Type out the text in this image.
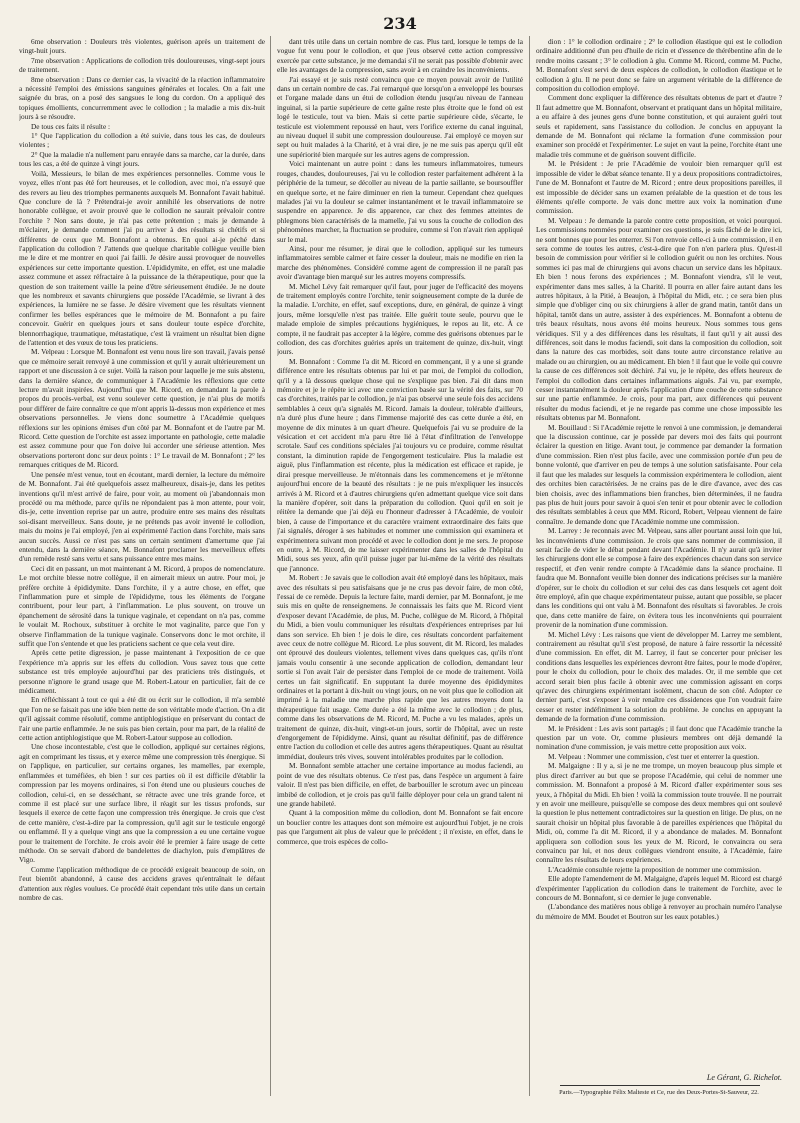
234

6me observation : Douleurs très violentes, guérison après un traitement de vingt-huit jours.

7me observation : Applications de collodion très douloureuses, vingt-sept jours de traitement.

8me observation : Dans ce dernier cas, la vivacité de la réaction inflammatoire a nécessité l'emploi des émissions sanguines générales et locales. On a fait une saignée du bras, on a posé des sangsues le long du cordon. On a appliqué des topiques émollients, concurremment avec le collodion ; la maladie a mis dix-huit jours à se résoudre.

De tous ces faits il résulte :

1° Que l'application du collodion a été suivie, dans tous les cas, de douleurs violentes ;

2° Que la maladie n'a nullement paru enrayée dans sa marche, car la durée, dans tous les cas, a été de quinze à vingt jours.

Voilà, Messieurs, le bilan de mes expériences personnelles. Comme vous le voyez, elles n'ont pas été fort heureuses, et le collodion, avec moi, n'a essuyé que des revers au lieu des triomphes permanents auxquels M. Bonnafont l'avait habitué. Que conclure de là ? Prétendrai-je avoir annihilé les observations de notre honorable collègue, et avoir prouvé que le collodion ne saurait prévaloir contre l'orchite ? Non sans doute, je n'ai pas cette prétention ; mais je demande à m'éclairer, je demande comment j'ai pu arriver à des résultats si chétifs et si différents de ceux que M. Bonnafont a obtenus. En quoi ai-je péché dans l'application du collodion ? J'attends que quelque charitable collègue veuille bien me le dire et me montrer en quoi j'ai failli. Je désire aussi provoquer de nouvelles expériences sur cette importante question. L'épididymite, en effet, est une maladie assez commune et assez réfractaire à la puissance de la thérapeutique, pour que la question de son traitement vaille la peine d'être sérieusement étudiée. Je ne doute que les nombreux et savants chirurgiens que possède l'Académie, se livrant à des expériences, la lumière ne se fasse. Je désire vivement que les résultats viennent confirmer les belles espérances que le mémoire de M. Bonnafont a pu faire concevoir. Guérir en quelques jours et sans douleur toute espèce d'orchite, blennorrhagique, traumatique, métastatique, c'est là vraiment un résultat bien digne de l'attention et des vœux de tous les praticiens.

M. Velpeau : Lorsque M. Bonnafont est venu nous lire son travail, j'avais pensé que ce mémoire serait renvoyé à une commission et qu'il y aurait ultérieurement un rapport et une discussion à ce sujet. Voilà la raison pour laquelle je me suis abstenu, dans la dernière séance, de communiquer à l'Académie les réflexions que cette lecture m'avait inspirées. Aujourd'hui que M. Ricord, en demandant la parole à propos du procès-verbal, est venu soulever cette question, je n'ai plus de motifs pour différer de faire connaître ce que m'ont appris là-dessus mon expérience et mes observations personnelles. Je viens donc soumettre à l'Académie quelques réflexions sur les opinions émises d'un côté par M. Bonnafont et de l'autre par M. Ricord. Cette question de l'orchite est assez importante en pathologie, cette maladie est assez commune pour que l'on doive lui accorder une sérieuse attention. Mes observations porteront donc sur deux points : 1° Le travail de M. Bonnafont ; 2° les remarques critiques de M. Ricord.

Une pensée m'est venue, tout en écoutant, mardi dernier, la lecture du mémoire de M. Bonnafont. J'ai été quelquefois assez malheureux, disais-je, dans les petites inventions qu'il m'est arrivé de faire, pour voir, au moment où j'abandonnais mon procédé ou ma méthode, parce qu'ils ne répondaient pas à mon attente, pour voir, dis-je, cette invention reprise par un autre, produire entre ses mains des résultats soi-disant merveilleux. Sans doute, je ne prétends pas avoir inventé le collodion, mais du moins je l'ai employé, j'en ai expérimenté l'action dans l'orchite, mais sans aucun succès. Aussi ce n'est pas sans un certain sentiment d'amertume que j'ai entendu, dans la dernière séance, M. Bonnafont proclamer les merveilleux effets d'un remède resté sans vertu et sans puissance entre mes mains.

Ceci dit en passant, un mot maintenant à M. Ricord, à propos de nomenclature. Le mot orchite blesse notre collègue, il en aimerait mieux un autre. Pour moi, je préfère orchite à épididymite. Dans l'orchite, il y a autre chose, en effet, que l'inflammation pure et simple de l'épididyme, tous les éléments de l'organe contribuent, pour leur part, à l'inflammation. Le plus souvent, on trouve un épanchement de sérosité dans la tunique vaginale, et cependant on n'a pas, comme le voulait M. Rochoux, substituer à orchite le mot vaginalite, parce que l'on y observe l'inflammation de la tunique vaginale. Conservons donc le mot orchite, il suffit que l'on s'entende et que les praticiens sachent ce que cela veut dire.

Après cette petite digression, je passe maintenant à l'exposition de ce que l'expérience m'a appris sur les effets du collodion. Vous savez tous que cette substance est très employée aujourd'hui par des praticiens très distingués, et personne n'ignore le grand usage que M. Robert-Latour en particulier, fait de ce médicament.

En réfléchissant à tout ce qui a été dit ou écrit sur le collodion, il m'a semblé que l'on ne se faisait pas une idée bien nette de son véritable mode d'action. On a dit qu'il agissait comme résolutif, comme antiphlogistique en préservant du contact de l'air une partie enflammée. Je ne suis pas bien certain, pour ma part, de la réalité de cette action antiphlogistique que M. Robert-Latour suppose au collodion.

Une chose incontestable, c'est que le collodion, appliqué sur certaines régions, agit en comprimant les tissus, et y exerce même une compression très énergique. Si on l'applique, en particulier, sur certains organes, les mamelles, par exemple, enflammées et tuméfiées, eh bien ! sur ces parties où il est difficile d'établir la compression par les moyens ordinaires, si l'on étend une ou plusieurs couches de collodion, celui-ci, en se desséchant, se rétracte avec une très grande force, et comme il est placé sur une surface libre, il réagit sur les tissus profonds, sur lesquels il exerce de cette façon une compression très énergique. Je crois que c'est de cette manière, c'est-à-dire par la compression, qu'il agit sur le testicule engorgé ou enflammé. Il y a quelque vingt ans que la compression a eu une certaine vogue pour le traitement de l'orchite. Je crois avoir été le premier à faire usage de cette méthode. On se servait d'abord de bandelettes de diachylon, puis d'emplâtres de Vigo.

Comme l'application méthodique de ce procédé exigeait beaucoup de soin, on l'eut bientôt abandonné, à cause des accidens graves qu'entraînait le défaut d'attention aux règles voulues. Ce procédé était cependant très utile dans un certain nombre de cas.

dant très utile dans un certain nombre de cas. Plus tard, lorsque le temps de la vogue fut venu pour le collodion, et que j'eus observé cette action compressive exercée par cette substance, je me demandai s'il ne serait pas possible d'obtenir avec elle les avantages de la compression, sans avoir à en craindre les inconvénients.

J'ai essayé et je suis resté convaincu que ce moyen pouvait avoir de l'utilité dans un certain nombre de cas. J'ai remarqué que lorsqu'on a enveloppé les bourses et l'organe malade dans un étui de collodion étendu jusqu'au niveau de l'anneau inguinal, si la partie supérieure de cette gaîne reste plus étroite que le fond où est logé le testicule, tout va bien. Mais si cette partie supérieure cède, s'écarte, le testicule est violemment repoussé en haut, vers l'orifice externe du canal inguinal, au niveau duquel il subit une compression douloureuse. J'ai employé ce moyen sur sept ou huit malades à la Charité, et à vrai dire, je ne me suis pas aperçu qu'il eût une supériorité bien marquée sur les autres agens de compression.

Voici maintenant un autre point : dans les tumeurs inflammatoires, tumeurs rouges, chaudes, douloureuses, j'ai vu le collodion rester parfaitement adhérent à la périphérie de la tumeur, se décoller au niveau de la partie saillante, se boursouffler en quelque sorte, et ne faire diminuer en rien la tumeur. Cependant chez quelques malades j'ai vu la douleur se calmer instantanément et le travail inflammatoire se suspendre en apparence. Je dis apparence, car chez des femmes atteintes de phlegmons bien caractérisés de la mamelle, j'ai vu sous la couche de collodion des phénomènes marcher, la fluctuation se produire, comme si l'on n'avait rien appliqué sur le mal.

Ainsi, pour me résumer, je dirai que le collodion, appliqué sur les tumeurs inflammatoires semble calmer et faire cesser la douleur, mais ne modifie en rien la marche des phénomènes. Considéré comme agent de compression il ne paraît pas avoir d'avantage bien marqué sur les autres moyens compressifs.

M. Michel Lévy fait remarquer qu'il faut, pour juger de l'efficacité des moyens de traitement employés contre l'orchite, tenir soigneusement compte de la durée de la maladie. L'orchite, en effet, sauf exceptions, dure, en général, de quinze à vingt jours, même lorsqu'elle n'est pas traitée. Elle guérit toute seule, pourvu que le malade emploie de simples précautions hygiéniques, le repos au lit, etc. À ce compte, il ne faudrait pas accepter à la légère, comme des guérisons obtenues par le collodion, des cas d'orchites guéries après un traitement de quinze, dix-huit, vingt jours.

M. Bonnafont : Comme l'a dit M. Ricord en commençant, il y a une si grande différence entre les résultats obtenus par lui et par moi, de l'emploi du collodion, qu'il y a là dessous quelque chose qui ne s'explique pas bien. J'ai dit dans mon mémoire et je le répète ici avec une conviction basée sur la vérité des faits, sur 70 cas d'orchites, traités par le collodion, je n'ai pas observé une seule fois des accidens semblables à ceux qu'a signalés M. Ricord. Jamais la douleur, tolérable d'ailleurs, n'a duré plus d'une heure ; dans l'immense majorité des cas cette durée a été, en moyenne de dix minutes à un quart d'heure. Quelquefois j'ai vu se produire de la vésication et cet accident m'a paru être lié à l'état d'infiltration de l'enveloppe scrotale. Sauf ces conditions spéciales j'ai toujours vu ce produire, comme résultat constant, la diminution rapide de l'engorgement testiculaire. Plus la maladie est aiguë, plus l'inflammation est récente, plus la médication est efficace et rapide, je dirai presque merveilleuse. Je m'étonnais dans les commencemens et je m'étonne aujourd'hui encore de la beauté des résultats : je ne puis m'expliquer les insuccès arrivés à M. Ricord et à d'autres chirurgiens qu'en admettant quelque vice soit dans la manière d'opérer, soit dans la préparation du collodion. Quoi qu'il en soit je réitère la demande que j'ai déjà eu l'honneur d'adresser à l'Académie, de vouloir bien, à cause de l'importance et du caractère vraiment extraordinaire des faits que j'ai signalés, déroger à ses habitudes et nommer une commission qui examinera et expérimentera suivant mon procédé et avec le collodion dont je me sers. Je propose en outre, à M. Ricord, de me laisser expérimenter dans les salles de l'hôpital du Midi, sous ses yeux, afin qu'il puisse juger par lui-même de la vérité des résultats que j'annonce.

M. Robert : Je savais que le collodion avait été employé dans les hôpitaux, mais avec des résultats si peu satisfaisans que je ne crus pas devoir faire, de mon côté, l'essai de ce remède. Depuis la lecture faite, mardi dernier, par M. Bonnafont, je me suis mis en quête de renseignemens. Je connaissais les faits que M. Ricord vient d'exposer devant l'Académie, de plus, M. Puche, collègue de M. Ricord, à l'hôpital du Midi, a bien voulu communiquer les résultats d'expériences entreprises par lui dans son service. Eh bien ! je dois le dire, ces résultats concordent parfaitement avec ceux de notre collègue M. Ricord. Le plus souvent, dit M. Ricord, les malades ont éprouvé des douleurs violentes, tellement vives dans quelques cas, qu'ils n'ont jamais voulu consentir à une seconde application de collodion, demandant leur sortie si l'on avait l'air de persister dans l'emploi de ce mode de traitement. Voilà certes un fait significatif. En supputant la durée moyenne des épididymites ordinaires et la portant à dix-huit ou vingt jours, on ne voit plus que le collodion ait imprimé à la maladie une marche plus rapide que les autres moyens dont la thérapeutique fait usage. Cette durée a été la même avec le collodion ; de plus, comme dans les observations de M. Ricord, M. Puche a vu les malades, après un traitement de quinze, dix-huit, vingt-et-un jours, sortir de l'hôpital, avec un reste d'engorgement de l'épididyme. Ainsi, quant au résultat définitif, pas de différence entre l'action du collodion et celle des autres agens thérapeutiques. Quant au résultat immédiat, douleurs très vives, souvent intolérables produites par le collodion.

M. Bonnafont semble attacher une certaine importance au modus faciendi, au point de vue des résultats obtenus. Ce n'est pas, dans l'espèce un argument à faire valoir. Il n'est pas bien difficile, en effet, de barbouiller le scrotum avec un pinceau imbibé de collodion, et je crois pas qu'il faille déployer pour cela un grand talent ni une grande habileté.

Quant à la composition même du collodion, dont M. Bonnafont se fait encore un bouclier contre les attaques dont son mémoire est aujourd'hui l'objet, je ne crois pas que l'argument ait plus de valeur que le précédent ; il n'existe, en effet, dans le commerce, que trois espèces de collo-

dion : 1° le collodion ordinaire ; 2° le collodion élastique qui est le collodion ordinaire additionné d'un peu d'huile de ricin et d'essence de thérébentine afin de le rendre moins cassant ; 3° le collodion à glu. Comme M. Ricord, comme M. Puche, M. Bonnafont s'est servi de deux espèces de collodion, le collodion élastique et le collodion à glu. Il ne peut donc se faire un argument véritable de la différence de composition du collodion employé.

Comment donc expliquer la différence des résultats obtenus de part et d'autre ? Il faut admettre que M. Bonnafont, observant et pratiquant dans un hôpital militaire, a eu affaire à des jeunes gens d'une bonne constitution, et qui auraient guéri tout seuls et rapidement, sans l'assistance du collodion. Je conclus en appuyant la demande de M. Bonnafont qui réclame la formation d'une commission pour examiner son procédé et l'expérimenter. Le sujet en vaut la peine, l'orchite étant une maladie très commune et de guérison souvent difficile.

M. le Président : Je prie l'Académie de vouloir bien remarquer qu'il est impossible de vider le débat séance tenante. Il y a deux propositions contradictoires, l'une de M. Bonnafont et l'autre de M. Ricord ; entre deux propositions pareilles, il est impossible de décider sans un examen préalable de la question et de tous les éléments qu'elle comporte. Je vais donc mettre aux voix la nomination d'une commission.

M. Velpeau : Je demande la parole contre cette proposition, et voici pourquoi. Les commissions nommées pour examiner ces questions, je suis fâché de le dire ici, ne sont bonnes que pour les enterrer. Si l'on renvoie celle-ci à une commission, il en sera comme de toutes les autres, c'est-à-dire que l'on n'en parlera plus. Qu'est-il besoin de commission pour vérifier si le collodion guérit ou non les orchites. Nous sommes ici pas mal de chirurgiens qui avons chacun un service dans les hôpitaux. Eh bien ! nous ferons des expériences ; M. Bonnafont viendra, s'il le veut, expérimenter dans mes salles, à la Charité. Il pourra en aller faire autant dans les autres hôpitaux, à la Pitié, à Beaujon, à l'hôpital du Midi, etc. ; ce sera bien plus simple que d'obliger cinq ou six chirurgiens à aller de grand matin, tantôt dans un hôpital, tantôt dans un autre, assister à des expériences. M. Bonnafont a obtenu de très beaux résultats, nous avons été moins heureux. Nous sommes tous gens véridiques. S'il y a des différences dans les résultats, il faut qu'il y ait aussi des différences, soit dans le modus faciendi, soit dans la composition du collodion, soit dans la nature des cas morbides, soit dans toute autre circonstance relative au malade ou au chirurgien, ou au médicament. Eh bien ! il faut que le voile qui couvre la cause de ces différences soit déchiré. J'ai vu, je le répète, des effets heureux de l'emploi du collodion dans certaines inflammations aiguës. J'ai vu, par exemple, cesser instantanément la douleur après l'application d'une couche de cette substance sur une partie enflammée. Je crois, pour ma part, aux différences qui peuvent résulter du modus faciendi, et je ne regarde pas comme une chose impossible les résultats obtenus par M. Bonnafont.

M. Bouillaud : Si l'Académie rejette le renvoi à une commission, je demanderai que la discussion continue, car je possède par devers moi des faits qui pourront éclairer la question en litige. Avant tout, je commence par demander la formation d'une commission. Rien n'est plus facile, avec une commission portée d'un peu de bonne volonté, que d'arriver en peu de temps à une solution satisfaisante. Pour cela il faut que les malades sur lesquels la commission expérimentera le collodion, aient des orchites bien caractérisées. Je ne crains pas de le dire d'avance, avec des cas bien choisis, avec des inflammations bien franches, bien déterminées, il ne faudra pas plus de huit jours pour savoir à quoi s'en tenir et pour obtenir avec le collodion des résultats semblables à ceux que MM. Ricord, Robert, Velpeau viennent de faire connaître. Je demande donc que l'Académie nomme une commission.

M. Larrey : Je reconnais avec M. Velpeau, sans aller pourtant aussi loin que lui, les inconvénients d'une commission. Je crois que sans nommer de commission, il serait facile de vider le débat pendant devant l'Académie. Il n'y aurait qu'à inviter les chirurgiens dont elle se compose à faire des expériences chacun dans son service respectif, et d'en venir rendre compte à l'Académie dans la séance prochaine. Il faudra que M. Bonnafont veuille bien donner des indications précises sur la manière d'opérer, sur le choix du collodion et sur celui des cas dans lesquels cet agent doit être employé, afin que chaque expérimentateur puisse, autant que possible, se placer dans les conditions qui ont valu à M. Bonnafont des résultats si favorables. Je crois que, dans cette manière de faire, on évitera tous les inconvénients qui pourraient provenir de la nomination d'une commission.

M. Michel Lévy : Les raisons que vient de développer M. Larrey me semblent, contrairement au résultat qu'il s'est proposé, de nature à faire ressortir la nécessité d'une commission. En effet, dit M. Larrey, il faut se concerter pour préciser les conditions dans lesquelles les expériences devront être faites, pour le mode d'opérer, pour le choix du collodion, pour le choix des malades. Or, il me semble que cet accord serait bien plus facile à obtenir avec une commission agissant en corps qu'avec des chirurgiens expérimentant isolément, chacun de son côté. Adopter ce dernier parti, c'est s'exposer à voir renaître ces dissidences que l'on voudrait faire cesser et rester indéfiniment la solution du problème. Je conclus en appuyant la demande de la formation d'une commission.

M. le Président : Les avis sont partagés ; il faut donc que l'Académie tranche la question par un vote. Or, comme plusieurs membres ont déjà demandé la nomination d'une commission, je vais mettre cette proposition aux voix.

M. Velpeau : Nommer une commission, c'est tuer et enterrer la question.

M. Malgaigne : Il y a, si je ne me trompe, un moyen beaucoup plus simple et plus direct d'arriver au but que se propose l'Académie, qui celui de nommer une commission. M. Bonnafont a proposé à M. Ricord d'aller expérimenter sous ses yeux, à l'hôpital du Midi. Eh bien ! voilà la commission toute trouvée. Il ne pourrait y en avoir une meilleure, puisqu'elle se compose des deux membres qui ont soulevé la question le plus nettement contradictoires sur la question en litige. De plus, on ne saurait choisir un hôpital plus favorable à de pareilles expériences que l'hôpital du Midi, où, comme l'a dit M. Ricord, il y a abondance de malades. M. Bonnafont appliquera son collodion sous les yeux de M. Ricord, le convaincra ou sera convaincu par lui, et nos deux collègues viendront ensuite, à l'Académie, faire connaître les résultats de leurs expériences.

L'Académie consultée rejette la proposition de nommer une commission.

Elle adopte l'amendement de M. Malgaigne, d'après lequel M. Ricord est chargé d'expérimenter l'application du collodion dans le traitement de l'orchite, avec le concours de M. Bonnafont, si ce dernier le juge convenable.

(L'abondance des matières nous oblige à renvoyer au prochain numéro l'analyse du mémoire de MM. Boudet et Boutron sur les eaux potables.)

Le Gérant, G. Richelot.
Paris.—Typographie Félix Malteste et Ce, rue des Deux-Portes-St-Sauveur, 22.
